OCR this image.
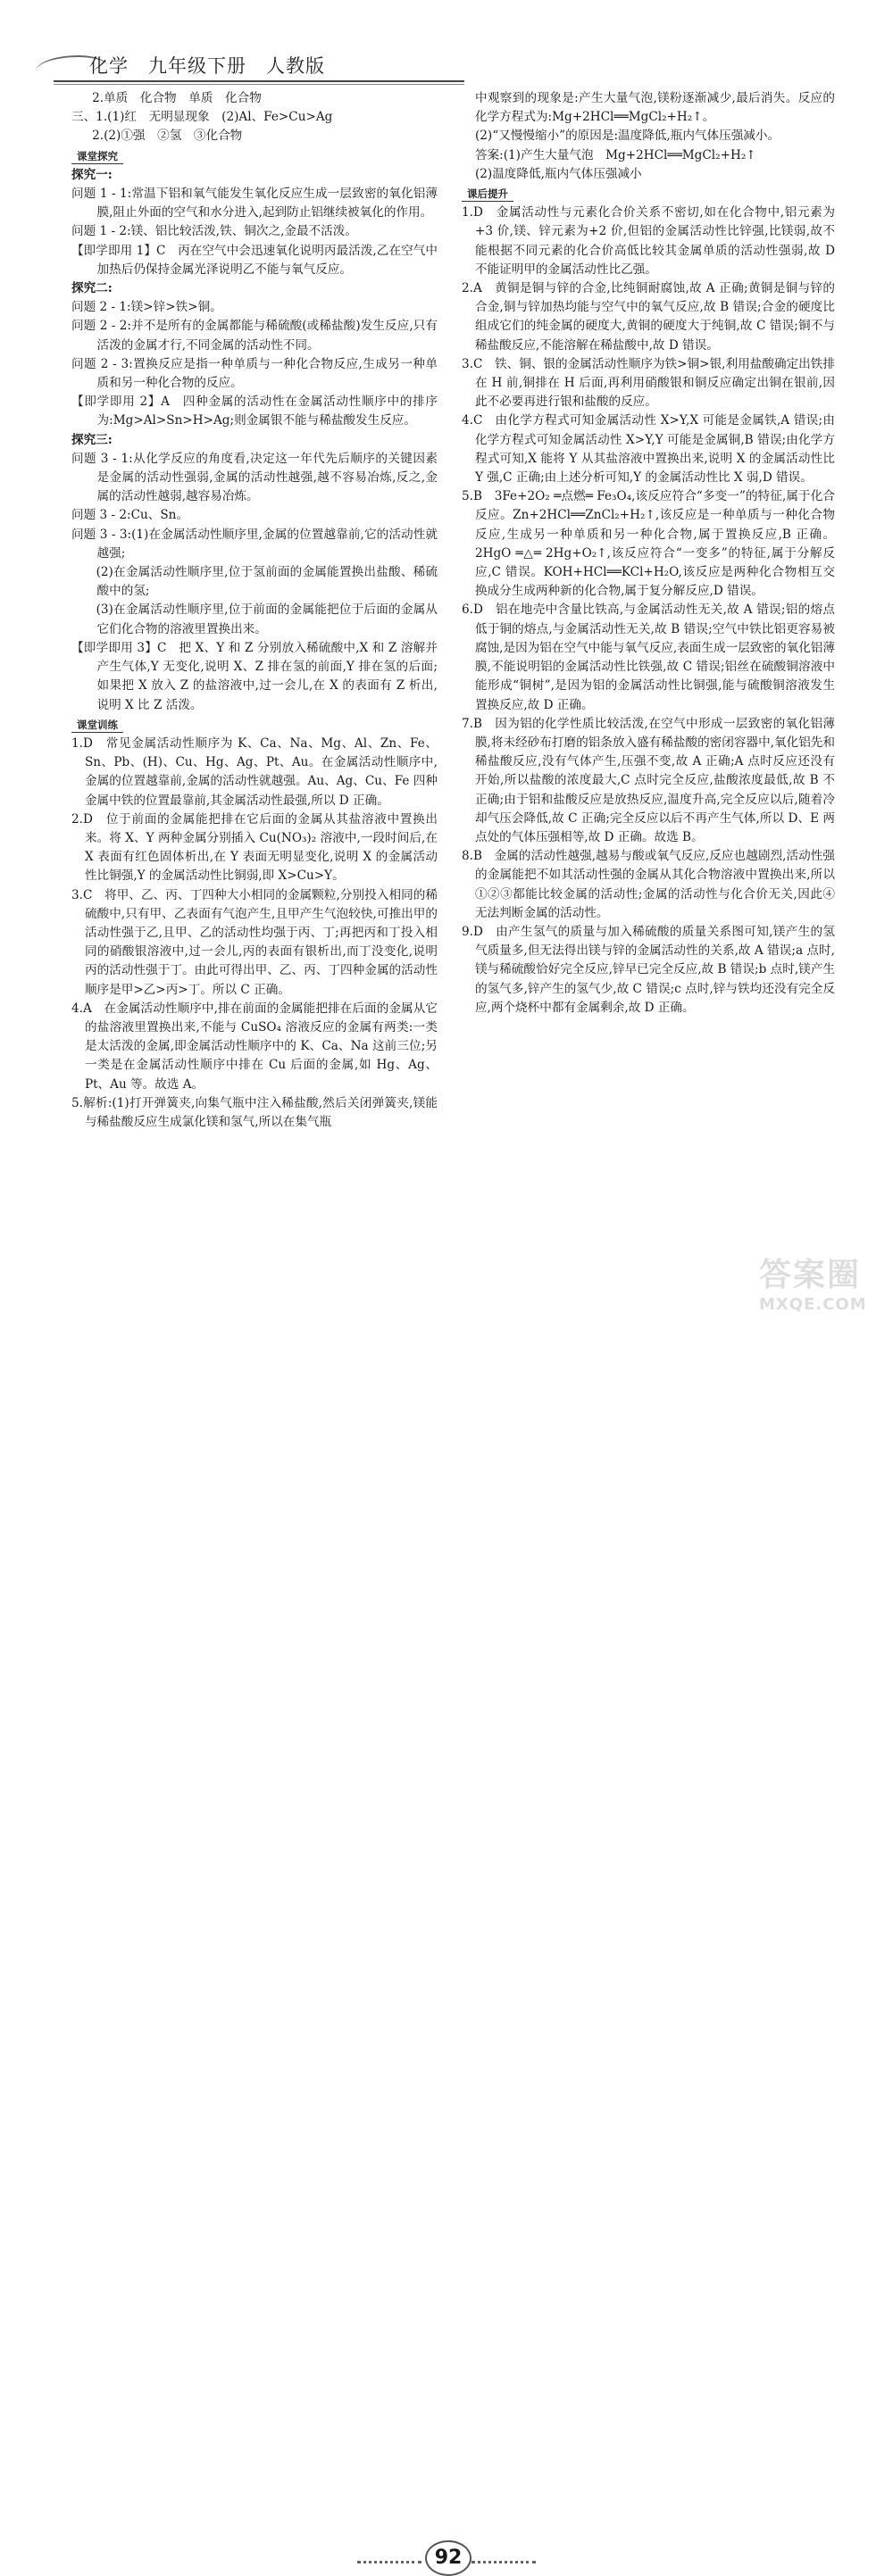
化学　九年级下册　人教版

2.单质　化合物　单质　化合物

三、1.(1)红　无明显现象　(2)Al、Fe>Cu>Ag

2.(2)①强　②氢　③化合物

课堂探究

探究一:

问题 1 - 1:常温下铝和氧气能发生氧化反应生成一层致密的氧化铝薄膜,阻止外面的空气和水分进入,起到防止铝继续被氧化的作用。

问题 1 - 2:镁、铝比较活泼,铁、铜次之,金最不活泼。

【即学即用 1】C　丙在空气中会迅速氧化说明丙最活泼,乙在空气中加热后仍保持金属光泽说明乙不能与氧气反应。

探究二:

问题 2 - 1:镁>锌>铁>铜。

问题 2 - 2:并不是所有的金属都能与稀硫酸(或稀盐酸)发生反应,只有活泼的金属才行,不同金属的活动性不同。

问题 2 - 3:置换反应是指一种单质与一种化合物反应,生成另一种单质和另一种化合物的反应。

【即学即用 2】A　四种金属的活动性在金属活动性顺序中的排序为:Mg>Al>Sn>H>Ag;则金属银不能与稀盐酸发生反应。

探究三:

问题 3 - 1:从化学反应的角度看,决定这一年代先后顺序的关键因素是金属的活动性强弱,金属的活动性越强,越不容易冶炼,反之,金属的活动性越弱,越容易冶炼。

问题 3 - 2:Cu、Sn。

问题 3 - 3:(1)在金属活动性顺序里,金属的位置越靠前,它的活动性就越强;

　　(2)在金属活动性顺序里,位于氢前面的金属能置换出盐酸、稀硫酸中的氢;

　　(3)在金属活动性顺序里,位于前面的金属能把位于后面的金属从它们化合物的溶液里置换出来。

【即学即用 3】C　把 X、Y 和 Z 分别放入稀硫酸中,X 和 Z 溶解并产生气体,Y 无变化,说明 X、Z 排在氢的前面,Y 排在氢的后面;如果把 X 放入 Z 的盐溶液中,过一会儿,在 X 的表面有 Z 析出,说明 X 比 Z 活泼。

课堂训练

1.D　常见金属活动性顺序为 K、Ca、Na、Mg、Al、Zn、Fe、Sn、Pb、(H)、Cu、Hg、Ag、Pt、Au。在金属活动性顺序中,金属的位置越靠前,金属的活动性就越强。Au、Ag、Cu、Fe 四种金属中铁的位置最靠前,其金属活动性最强,所以 D 正确。

2.D　位于前面的金属能把排在它后面的金属从其盐溶液中置换出来。将 X、Y 两种金属分别插入 Cu(NO₃)₂ 溶液中,一段时间后,在 X 表面有红色固体析出,在 Y 表面无明显变化,说明 X 的金属活动性比铜强,Y 的金属活动性比铜弱,即 X>Cu>Y。

3.C　将甲、乙、丙、丁四种大小相同的金属颗粒,分别投入相同的稀硫酸中,只有甲、乙表面有气泡产生,且甲产生气泡较快,可推出甲的活动性强于乙,且甲、乙的活动性均强于丙、丁;再把丙和丁投入相同的硝酸银溶液中,过一会儿,丙的表面有银析出,而丁没变化,说明丙的活动性强于丁。由此可得出甲、乙、丙、丁四种金属的活动性顺序是甲>乙>丙>丁。所以 C 正确。

4.A　在金属活动性顺序中,排在前面的金属能把排在后面的金属从它的盐溶液里置换出来,不能与 CuSO₄ 溶液反应的金属有两类:一类是太活泼的金属,即金属活动性顺序中的 K、Ca、Na 这前三位;另一类是在金属活动性顺序中排在 Cu 后面的金属,如 Hg、Ag、Pt、Au 等。故选 A。

5.解析:(1)打开弹簧夹,向集气瓶中注入稀盐酸,然后关闭弹簧夹,镁能与稀盐酸反应生成氯化镁和氢气,所以在集气瓶

中观察到的现象是:产生大量气泡,镁粉逐渐减少,最后消失。反应的化学方程式为:Mg+2HCl══MgCl₂+H₂↑。

(2)“又慢慢缩小”的原因是:温度降低,瓶内气体压强减小。

答案:(1)产生大量气泡　Mg+2HCl══MgCl₂+H₂↑

(2)温度降低,瓶内气体压强减小

课后提升

1.D　金属活动性与元素化合价关系不密切,如在化合物中,铝元素为+3 价,镁、锌元素为+2 价,但铝的金属活动性比锌强,比镁弱,故不能根据不同元素的化合价高低比较其金属单质的活动性强弱,故 D 不能证明甲的金属活动性比乙强。

2.A　黄铜是铜与锌的合金,比纯铜耐腐蚀,故 A 正确;黄铜是铜与锌的合金,铜与锌加热均能与空气中的氧气反应,故 B 错误;合金的硬度比组成它们的纯金属的硬度大,黄铜的硬度大于纯铜,故 C 错误;铜不与稀盐酸反应,不能溶解在稀盐酸中,故 D 错误。

3.C　铁、铜、银的金属活动性顺序为铁>铜>银,利用盐酸确定出铁排在 H 前,铜排在 H 后面,再利用硝酸银和铜反应确定出铜在银前,因此不必要再进行银和盐酸的反应。

4.C　由化学方程式可知金属活动性 X>Y,X 可能是金属铁,A 错误;由化学方程式可知金属活动性 X>Y,Y 可能是金属铜,B 错误;由化学方程式可知,X 能将 Y 从其盐溶液中置换出来,说明 X 的金属活动性比 Y 强,C 正确;由上述分析可知,Y 的金属活动性比 X 弱,D 错误。

5.B　3Fe+2O₂ ═点燃═ Fe₃O₄,该反应符合“多变一”的特征,属于化合反应。Zn+2HCl══ZnCl₂+H₂↑,该反应是一种单质与一种化合物反应,生成另一种单质和另一种化合物,属于置换反应,B 正确。2HgO ═△═ 2Hg+O₂↑,该反应符合“一变多”的特征,属于分解反应,C 错误。KOH+HCl══KCl+H₂O,该反应是两种化合物相互交换成分生成两种新的化合物,属于复分解反应,D 错误。

6.D　铝在地壳中含量比铁高,与金属活动性无关,故 A 错误;铝的熔点低于铜的熔点,与金属活动性无关,故 B 错误;空气中铁比铝更容易被腐蚀,是因为铝在空气中能与氧气反应,表面生成一层致密的氧化铝薄膜,不能说明铝的金属活动性比铁强,故 C 错误;铝丝在硫酸铜溶液中能形成“铜树”,是因为铝的金属活动性比铜强,能与硫酸铜溶液发生置换反应,故 D 正确。

7.B　因为铝的化学性质比较活泼,在空气中形成一层致密的氧化铝薄膜,将未经砂布打磨的铝条放入盛有稀盐酸的密闭容器中,氧化铝先和稀盐酸反应,没有气体产生,压强不变,故 A 正确;A 点时反应还没有开始,所以盐酸的浓度最大,C 点时完全反应,盐酸浓度最低,故 B 不正确;由于铝和盐酸反应是放热反应,温度升高,完全反应以后,随着冷却气压会降低,故 C 正确;完全反应以后不再产生气体,所以 D、E 两点处的气体压强相等,故 D 正确。故选 B。

8.B　金属的活动性越强,越易与酸或氧气反应,反应也越剧烈,活动性强的金属能把不如其活动性强的金属从其化合物溶液中置换出来,所以①②③都能比较金属的活动性;金属的活动性与化合价无关,因此④无法判断金属的活动性。

9.D　由产生氢气的质量与加入稀硫酸的质量关系图可知,镁产生的氢气质量多,但无法得出镁与锌的金属活动性的关系,故 A 错误;a 点时,镁与稀硫酸恰好完全反应,锌早已完全反应,故 B 错误;b 点时,镁产生的氢气多,锌产生的氢气少,故 C 错误;c 点时,锌与铁均还没有完全反应,两个烧杯中都有金属剩余,故 D 正确。

92
答案圈
MXQE.COM
